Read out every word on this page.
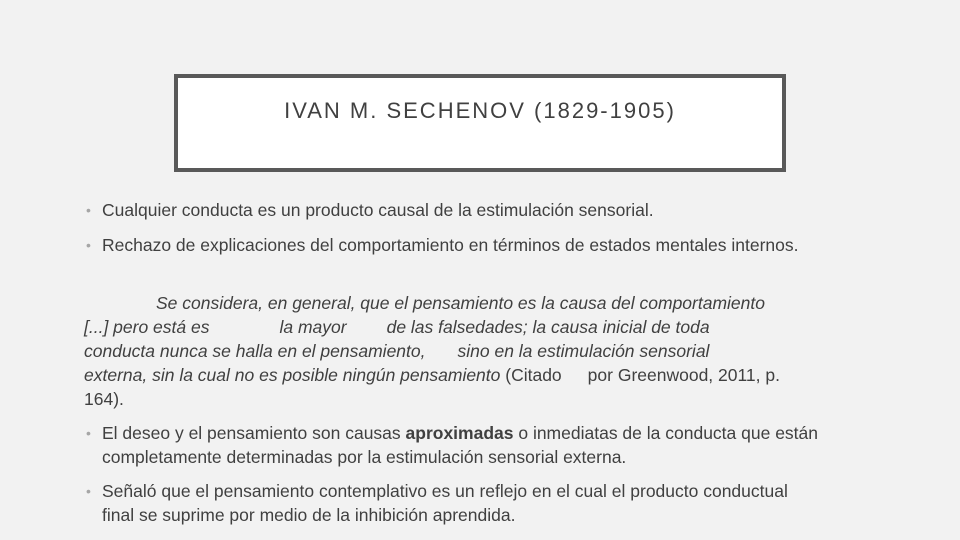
IVAN M. SECHENOV (1829-1905)
• Cualquier conducta es un producto causal de la estimulación sensorial.
• Rechazo de explicaciones del comportamiento en términos de estados mentales internos.
Se considera, en general, que el pensamiento es la causa del comportamiento
[...] pero está es	la mayor de las falsedades; la causa inicial de toda
conducta nunca se halla en el pensamiento, sino en la estimulación sensorial
externa, sin la cual no es posible ningún pensamiento (Citado por Greenwood, 2011, p.
164).
• El deseo y el pensamiento son causas aproximadas o inmediatas de la conducta que están completamente determinadas por la estimulación sensorial externa.
• Señaló que el pensamiento contemplativo es un reflejo en el cual el producto conductual final se suprime por medio de la inhibición aprendida.
